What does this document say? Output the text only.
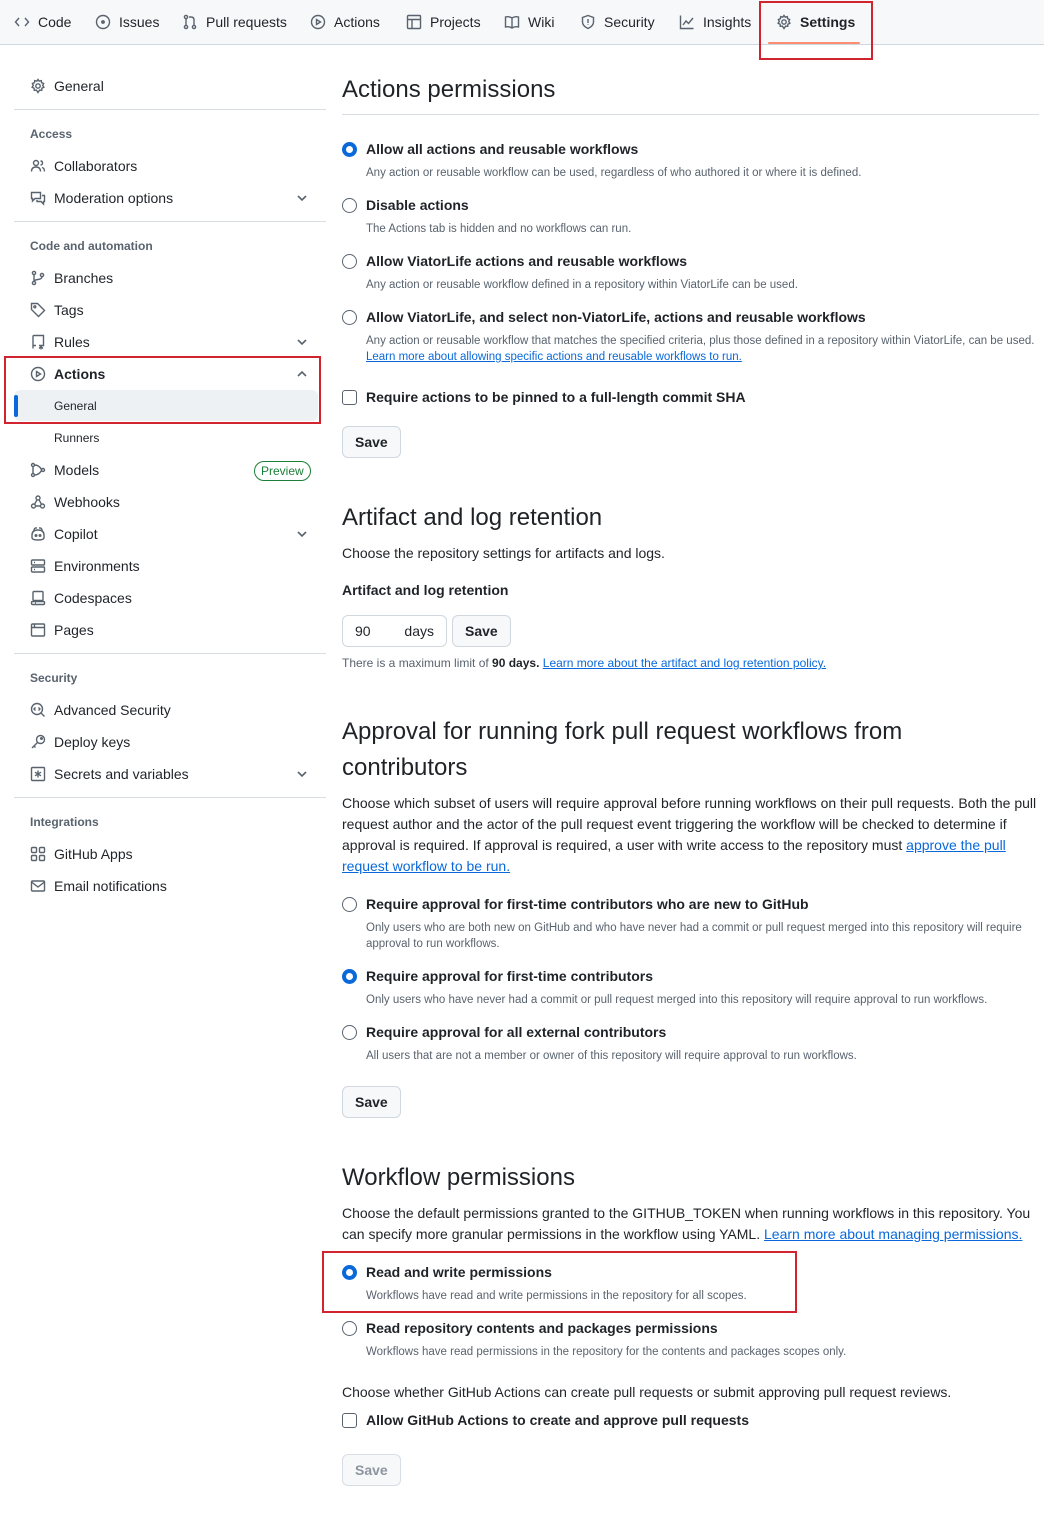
Code	Issues	Pull requests	Actions	Projects	Wiki	Security	Insights	Settings
General
Access
Collaborators
Moderation options
Code and automation
Branches
Tags
Rules
Actions
General
Runners
Models	Preview
Webhooks
Copilot
Environments
Codespaces
Pages
Security
Advanced Security
Deploy keys
Secrets and variables
Integrations
GitHub Apps
Email notifications
Actions permissions
Allow all actions and reusable workflows
Any action or reusable workflow can be used, regardless of who authored it or where it is defined.
Disable actions
The Actions tab is hidden and no workflows can run.
Allow ViatorLife actions and reusable workflows
Any action or reusable workflow defined in a repository within ViatorLife can be used.
Allow ViatorLife, and select non-ViatorLife, actions and reusable workflows
Any action or reusable workflow that matches the specified criteria, plus those defined in a repository within ViatorLife, can be used. Learn more about allowing specific actions and reusable workflows to run.
Require actions to be pinned to a full-length commit SHA
Save
Artifact and log retention
Choose the repository settings for artifacts and logs.
Artifact and log retention
90 days	Save
There is a maximum limit of 90 days. Learn more about the artifact and log retention policy.
Approval for running fork pull request workflows from
contributors
Choose which subset of users will require approval before running workflows on their pull requests. Both the pull request author and the actor of the pull request event triggering the workflow will be checked to determine if approval is required. If approval is required, a user with write access to the repository must approve the pull request workflow to be run.
Require approval for first-time contributors who are new to GitHub
Only users who are both new on GitHub and who have never had a commit or pull request merged into this repository will require approval to run workflows.
Require approval for first-time contributors
Only users who have never had a commit or pull request merged into this repository will require approval to run workflows.
Require approval for all external contributors
All users that are not a member or owner of this repository will require approval to run workflows.
Save
Workflow permissions
Choose the default permissions granted to the GITHUB_TOKEN when running workflows in this repository. You can specify more granular permissions in the workflow using YAML. Learn more about managing permissions.
Read and write permissions
Workflows have read and write permissions in the repository for all scopes.
Read repository contents and packages permissions
Workflows have read permissions in the repository for the contents and packages scopes only.
Choose whether GitHub Actions can create pull requests or submit approving pull request reviews.
Allow GitHub Actions to create and approve pull requests
Save
